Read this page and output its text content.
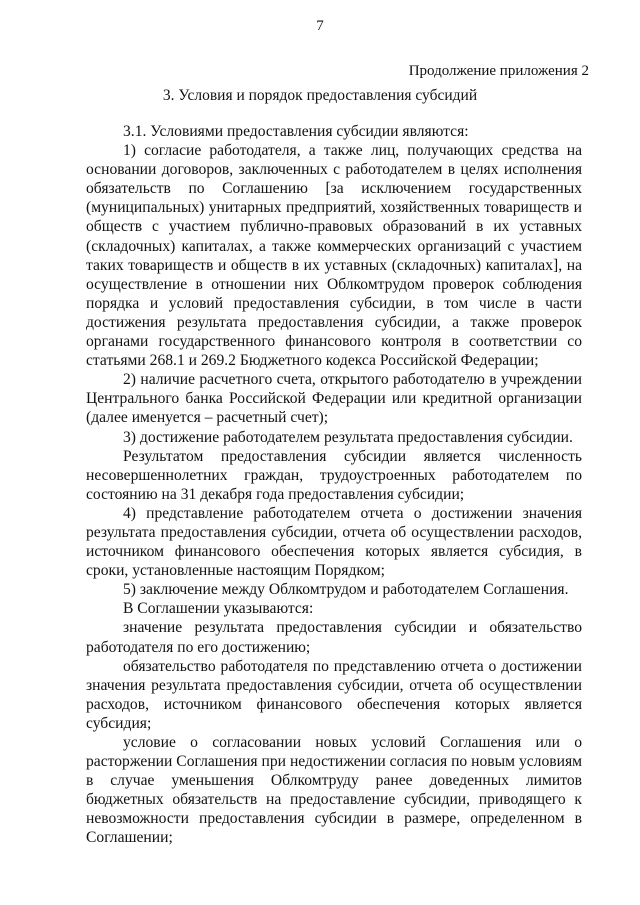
7
Продолжение приложения 2
3. Условия и порядок предоставления субсидий

3.1. Условиями предоставления субсидии являются:

1) согласие работодателя, а также лиц, получающих средства на основании договоров, заключенных с работодателем в целях исполнения обязательств по Соглашению [за исключением государственных (муниципальных) унитарных предприятий, хозяйственных товариществ и обществ с участием публично-правовых образований в их уставных (складочных) капиталах, а также коммерческих организаций с участием таких товариществ и обществ в их уставных (складочных) капиталах], на осуществление в отношении них Облкомтрудом проверок соблюдения порядка и условий предоставления субсидии, в том числе в части достижения результата предоставления субсидии, а также проверок органами государственного финансового контроля в соответствии со статьями 268.1 и 269.2 Бюджетного кодекса Российской Федерации;

2) наличие расчетного счета, открытого работодателю в учреждении Центрального банка Российской Федерации или кредитной организации (далее именуется – расчетный счет);

3) достижение работодателем результата предоставления субсидии.

Результатом предоставления субсидии является численность несовершеннолетних граждан, трудоустроенных работодателем по состоянию на 31 декабря года предоставления субсидии;

4) представление работодателем отчета о достижении значения результата предоставления субсидии, отчета об осуществлении расходов, источником финансового обеспечения которых является субсидия, в сроки, установленные настоящим Порядком;

5) заключение между Облкомтрудом и работодателем Соглашения.

В Соглашении указываются:

значение результата предоставления субсидии и обязательство работодателя по его достижению;

обязательство работодателя по представлению отчета о достижении значения результата предоставления субсидии, отчета об осуществлении расходов, источником финансового обеспечения которых является субсидия;

условие о согласовании новых условий Соглашения или о расторжении Соглашения при недостижении согласия по новым условиям в случае уменьшения Облкомтруду ранее доведенных лимитов бюджетных обязательств на предоставление субсидии, приводящего к невозможности предоставления субсидии в размере, определенном в Соглашении;
